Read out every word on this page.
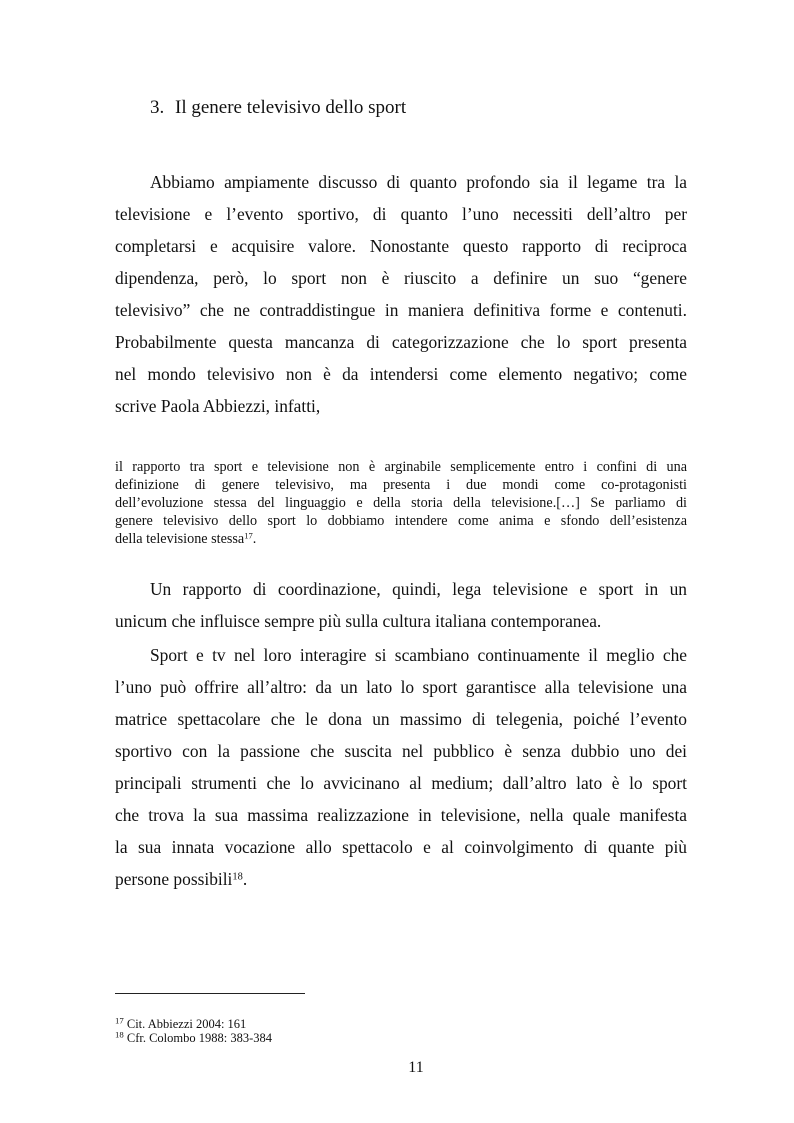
3. Il genere televisivo dello sport
Abbiamo ampiamente discusso di quanto profondo sia il legame tra la
televisione e l’evento sportivo, di quanto l’uno necessiti dell’altro per
completarsi e acquisire valore. Nonostante questo rapporto di reciproca
dipendenza, però, lo sport non è riuscito a definire un suo “genere
televisivo” che ne contraddistingue in maniera definitiva forme e contenuti.
Probabilmente questa mancanza di categorizzazione che lo sport presenta
nel mondo televisivo non è da intendersi come elemento negativo; come
scrive Paola Abbiezzi, infatti,
il rapporto tra sport e televisione non è arginabile semplicemente entro i confini di una
definizione di genere televisivo, ma presenta i due mondi come co-protagonisti
dell’evoluzione stessa del linguaggio e della storia della televisione.[…] Se parliamo di
genere televisivo dello sport lo dobbiamo intendere come anima e sfondo dell’esistenza
della televisione stessa$^{17}$.
Un rapporto di coordinazione, quindi, lega televisione e sport in un
unicum che influisce sempre più sulla cultura italiana contemporanea.
Sport e tv nel loro interagire si scambiano continuamente il meglio che
l’uno può offrire all’altro: da un lato lo sport garantisce alla televisione una
matrice spettacolare che le dona un massimo di telegenia, poiché l’evento
sportivo con la passione che suscita nel pubblico è senza dubbio uno dei
principali strumenti che lo avvicinano al medium; dall’altro lato è lo sport
che trova la sua massima realizzazione in televisione, nella quale manifesta
la sua innata vocazione allo spettacolo e al coinvolgimento di quante più
persone possibili$^{18}$.
$^{17}$ Cit. Abbiezzi 2004: 161
$^{18}$ Cfr. Colombo 1988: 383-384
11
